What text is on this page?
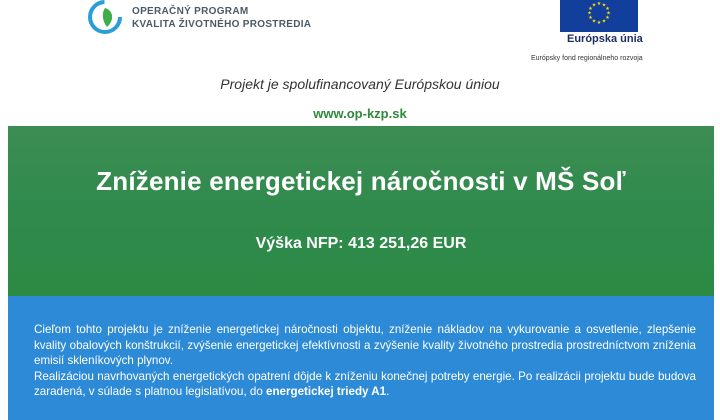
OPERAČNÝ PROGRAM
KVALITA ŽIVOTNÉHO PROSTREDIA
★ ★
★
★
★
★
★
★
★
★
★
★
Európska únia
Európsky fond regionálneho rozvoja
Projekt je spolufinancovaný Európskou úniou
www.op-kzp.sk
Zníženie energetickej náročnosti v MŠ Soľ
Výška NFP: 413 251,26 EUR

Cieľom tohto projektu je zníženie energetickej náročnosti objektu, zníženie nákladov na vykurovanie a osvetlenie, zlepšenie kvality obalových konštrukcií, zvýšenie energetickej efektívnosti a zvýšenie kvality životného prostredia prostredníctvom zníženia emisií skleníkových plynov.

Realizáciou navrhovaných energetických opatrení dôjde k zníženiu konečnej potreby energie. Po realizácii projektu bude budova zaradená, v súlade s platnou legislatívou, do energetickej triedy A1.
